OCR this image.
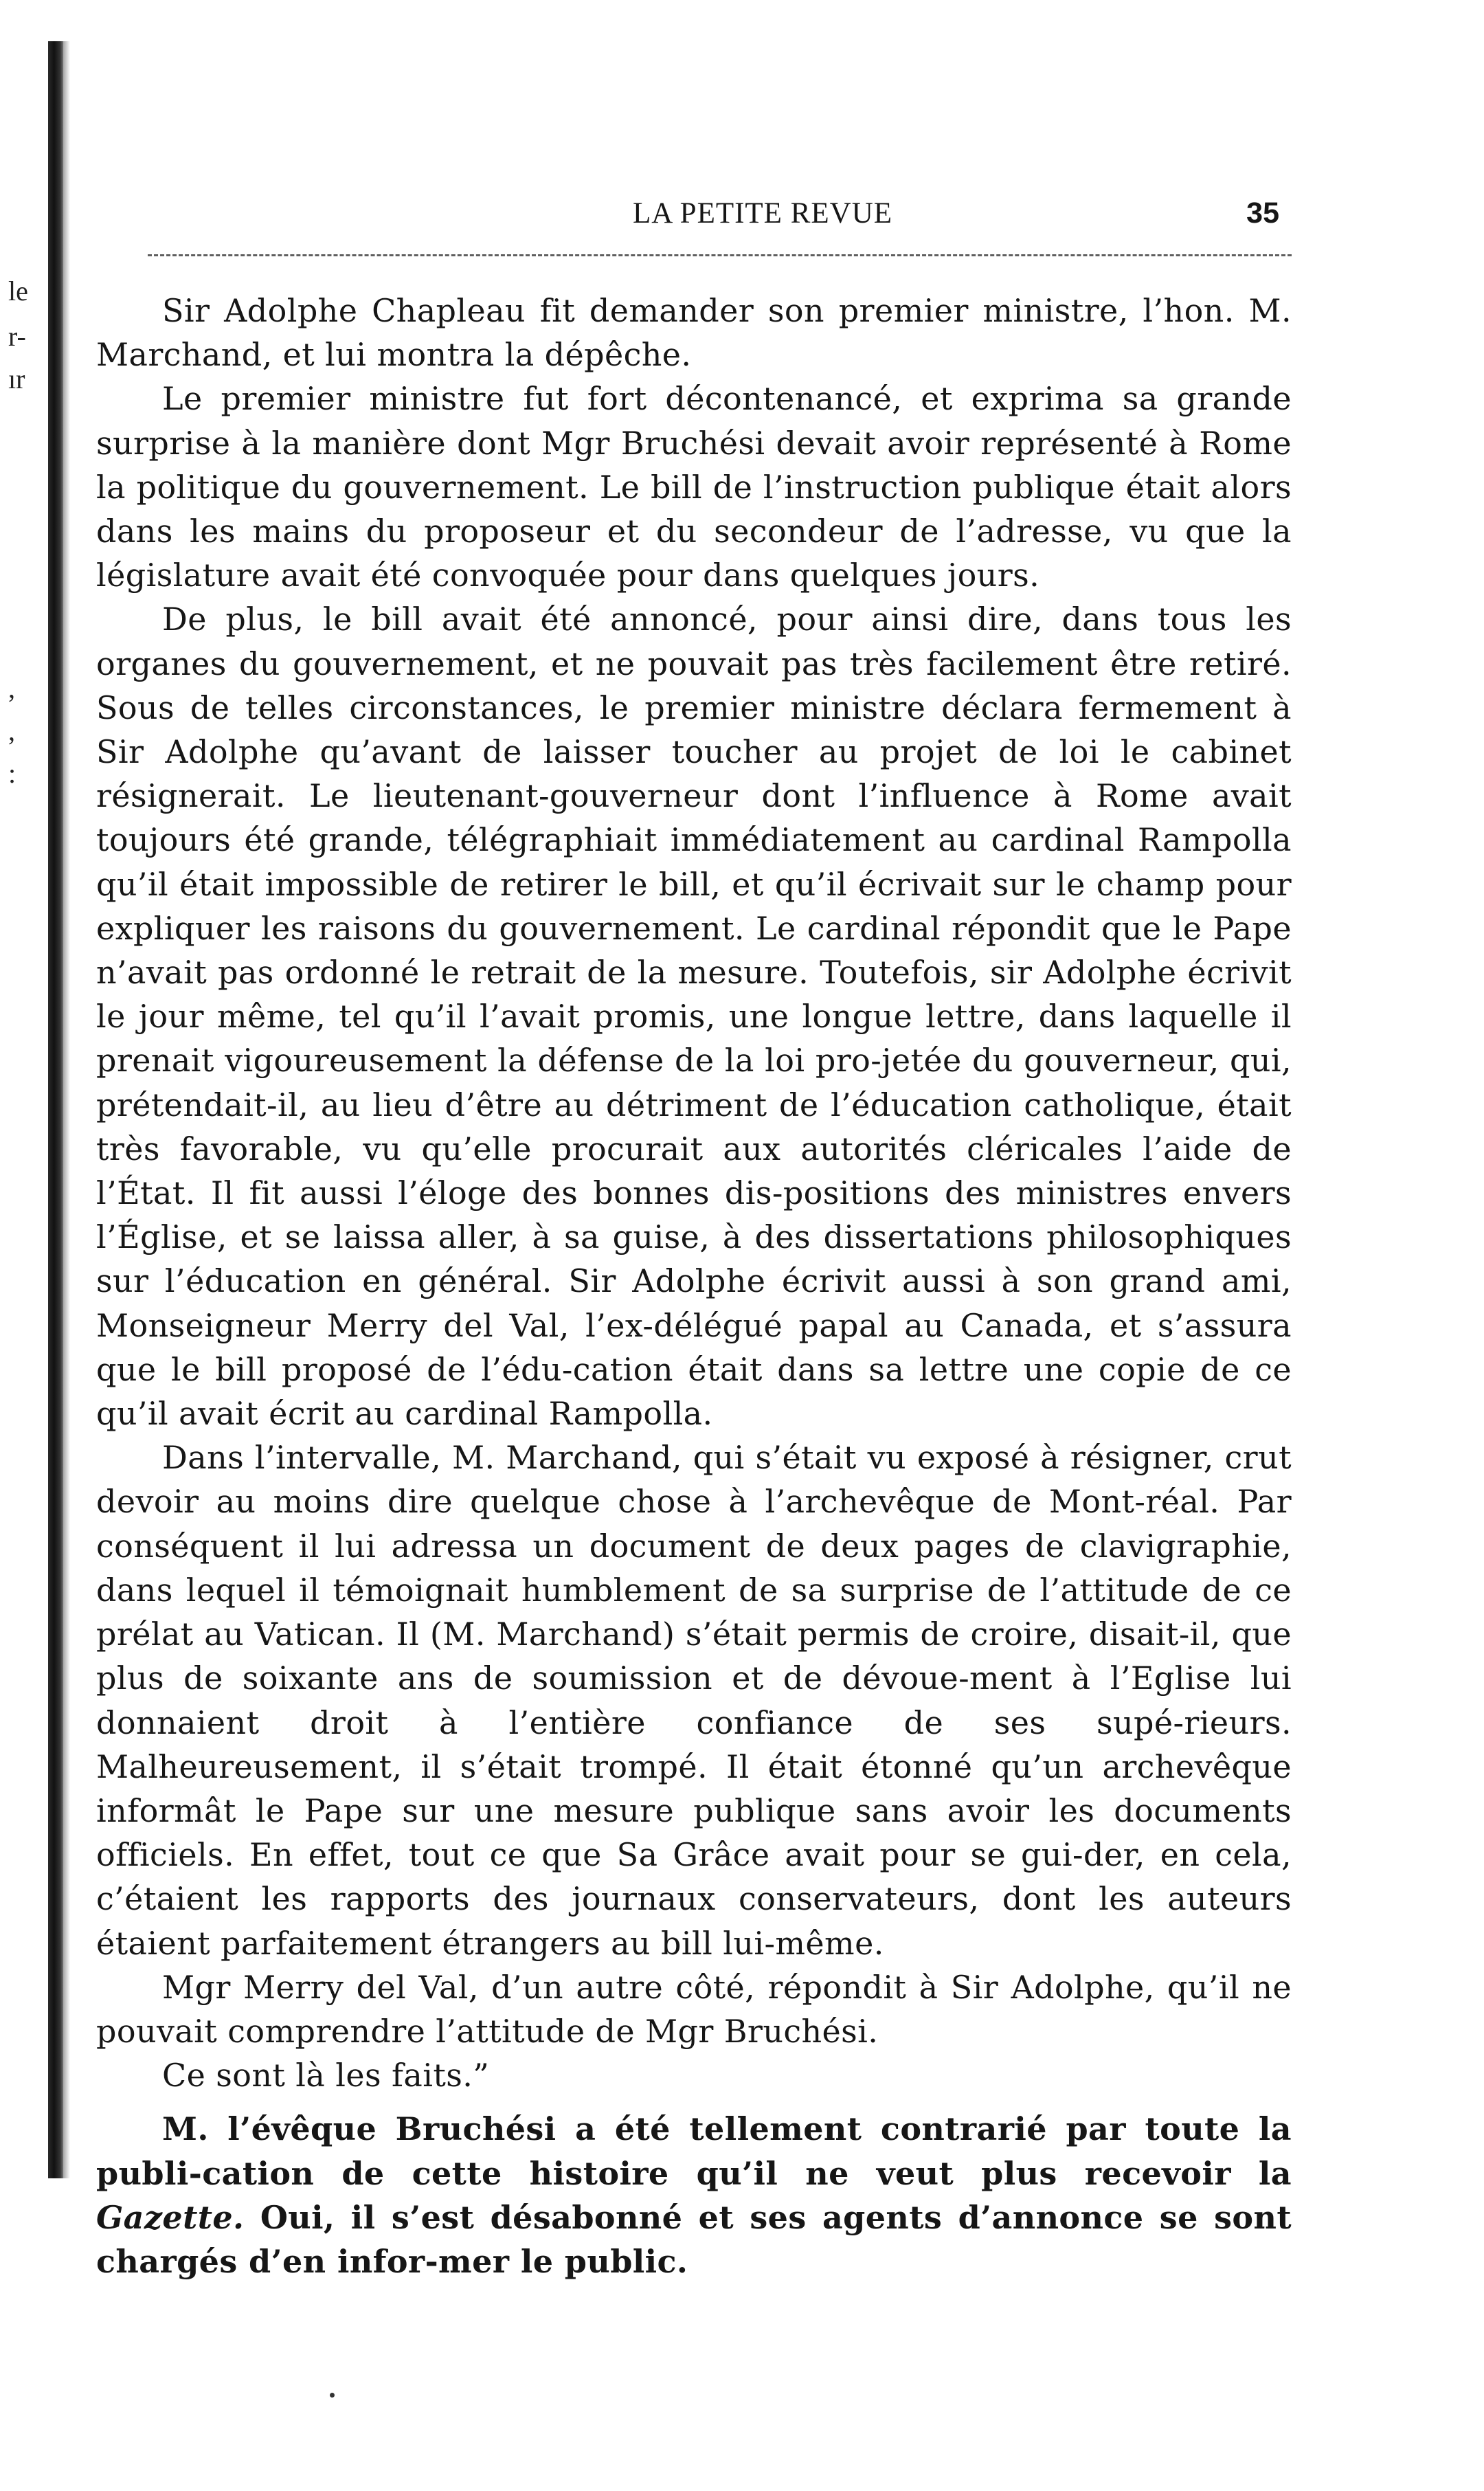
le
r-
ır
,
,
:
LA PETITE REVUE	35

Sir Adolphe Chapleau fit demander son premier ministre, l’hon. M. Marchand, et lui montra la dépêche.

Le premier ministre fut fort décontenancé, et exprima sa grande surprise à la manière dont Mgr Bruchési devait avoir représenté à Rome la politique du gouvernement. Le bill de l’instruction publique était alors dans les mains du proposeur et du secondeur de l’adresse, vu que la législature avait été convoquée pour dans quelques jours.

De plus, le bill avait été annoncé, pour ainsi dire, dans tous les organes du gouvernement, et ne pouvait pas très facilement être retiré. Sous de telles circonstances, le premier ministre déclara fermement à Sir Adolphe qu’avant de laisser toucher au projet de loi le cabinet résignerait. Le lieutenant-gouverneur dont l’influence à Rome avait toujours été grande, télégraphiait immédiatement au cardinal Rampolla qu’il était impossible de retirer le bill, et qu’il écrivait sur le champ pour expliquer les raisons du gouvernement. Le cardinal répondit que le Pape n’avait pas ordonné le retrait de la mesure. Toutefois, sir Adolphe écrivit le jour même, tel qu’il l’avait promis, une longue lettre, dans laquelle il prenait vigoureusement la défense de la loi pro-jetée du gouverneur, qui, prétendait-il, au lieu d’être au détriment de l’éducation catholique, était très favorable, vu qu’elle procurait aux autorités cléricales l’aide de l’État. Il fit aussi l’éloge des bonnes dis-positions des ministres envers l’Église, et se laissa aller, à sa guise, à des dissertations philosophiques sur l’éducation en général. Sir Adolphe écrivit aussi à son grand ami, Monseigneur Merry del Val, l’ex-délégué papal au Canada, et s’assura que le bill proposé de l’édu-cation était dans sa lettre une copie de ce qu’il avait écrit au cardinal Rampolla.

Dans l’intervalle, M. Marchand, qui s’était vu exposé à résigner, crut devoir au moins dire quelque chose à l’archevêque de Mont-réal. Par conséquent il lui adressa un document de deux pages de clavigraphie, dans lequel il témoignait humblement de sa surprise de l’attitude de ce prélat au Vatican. Il (M. Marchand) s’était permis de croire, disait-il, que plus de soixante ans de soumission et de dévoue-ment à l’Eglise lui donnaient droit à l’entière confiance de ses supé-rieurs. Malheureusement, il s’était trompé. Il était étonné qu’un archevêque informât le Pape sur une mesure publique sans avoir les documents officiels. En effet, tout ce que Sa Grâce avait pour se gui-der, en cela, c’étaient les rapports des journaux conservateurs, dont les auteurs étaient parfaitement étrangers au bill lui-même.

Mgr Merry del Val, d’un autre côté, répondit à Sir Adolphe, qu’il ne pouvait comprendre l’attitude de Mgr Bruchési.

Ce sont là les faits.”

M. l’évêque Bruchési a été tellement contrarié par toute la publi-cation de cette histoire qu’il ne veut plus recevoir la Gazette. Oui, il s’est désabonné et ses agents d’annonce se sont chargés d’en infor-mer le public.
